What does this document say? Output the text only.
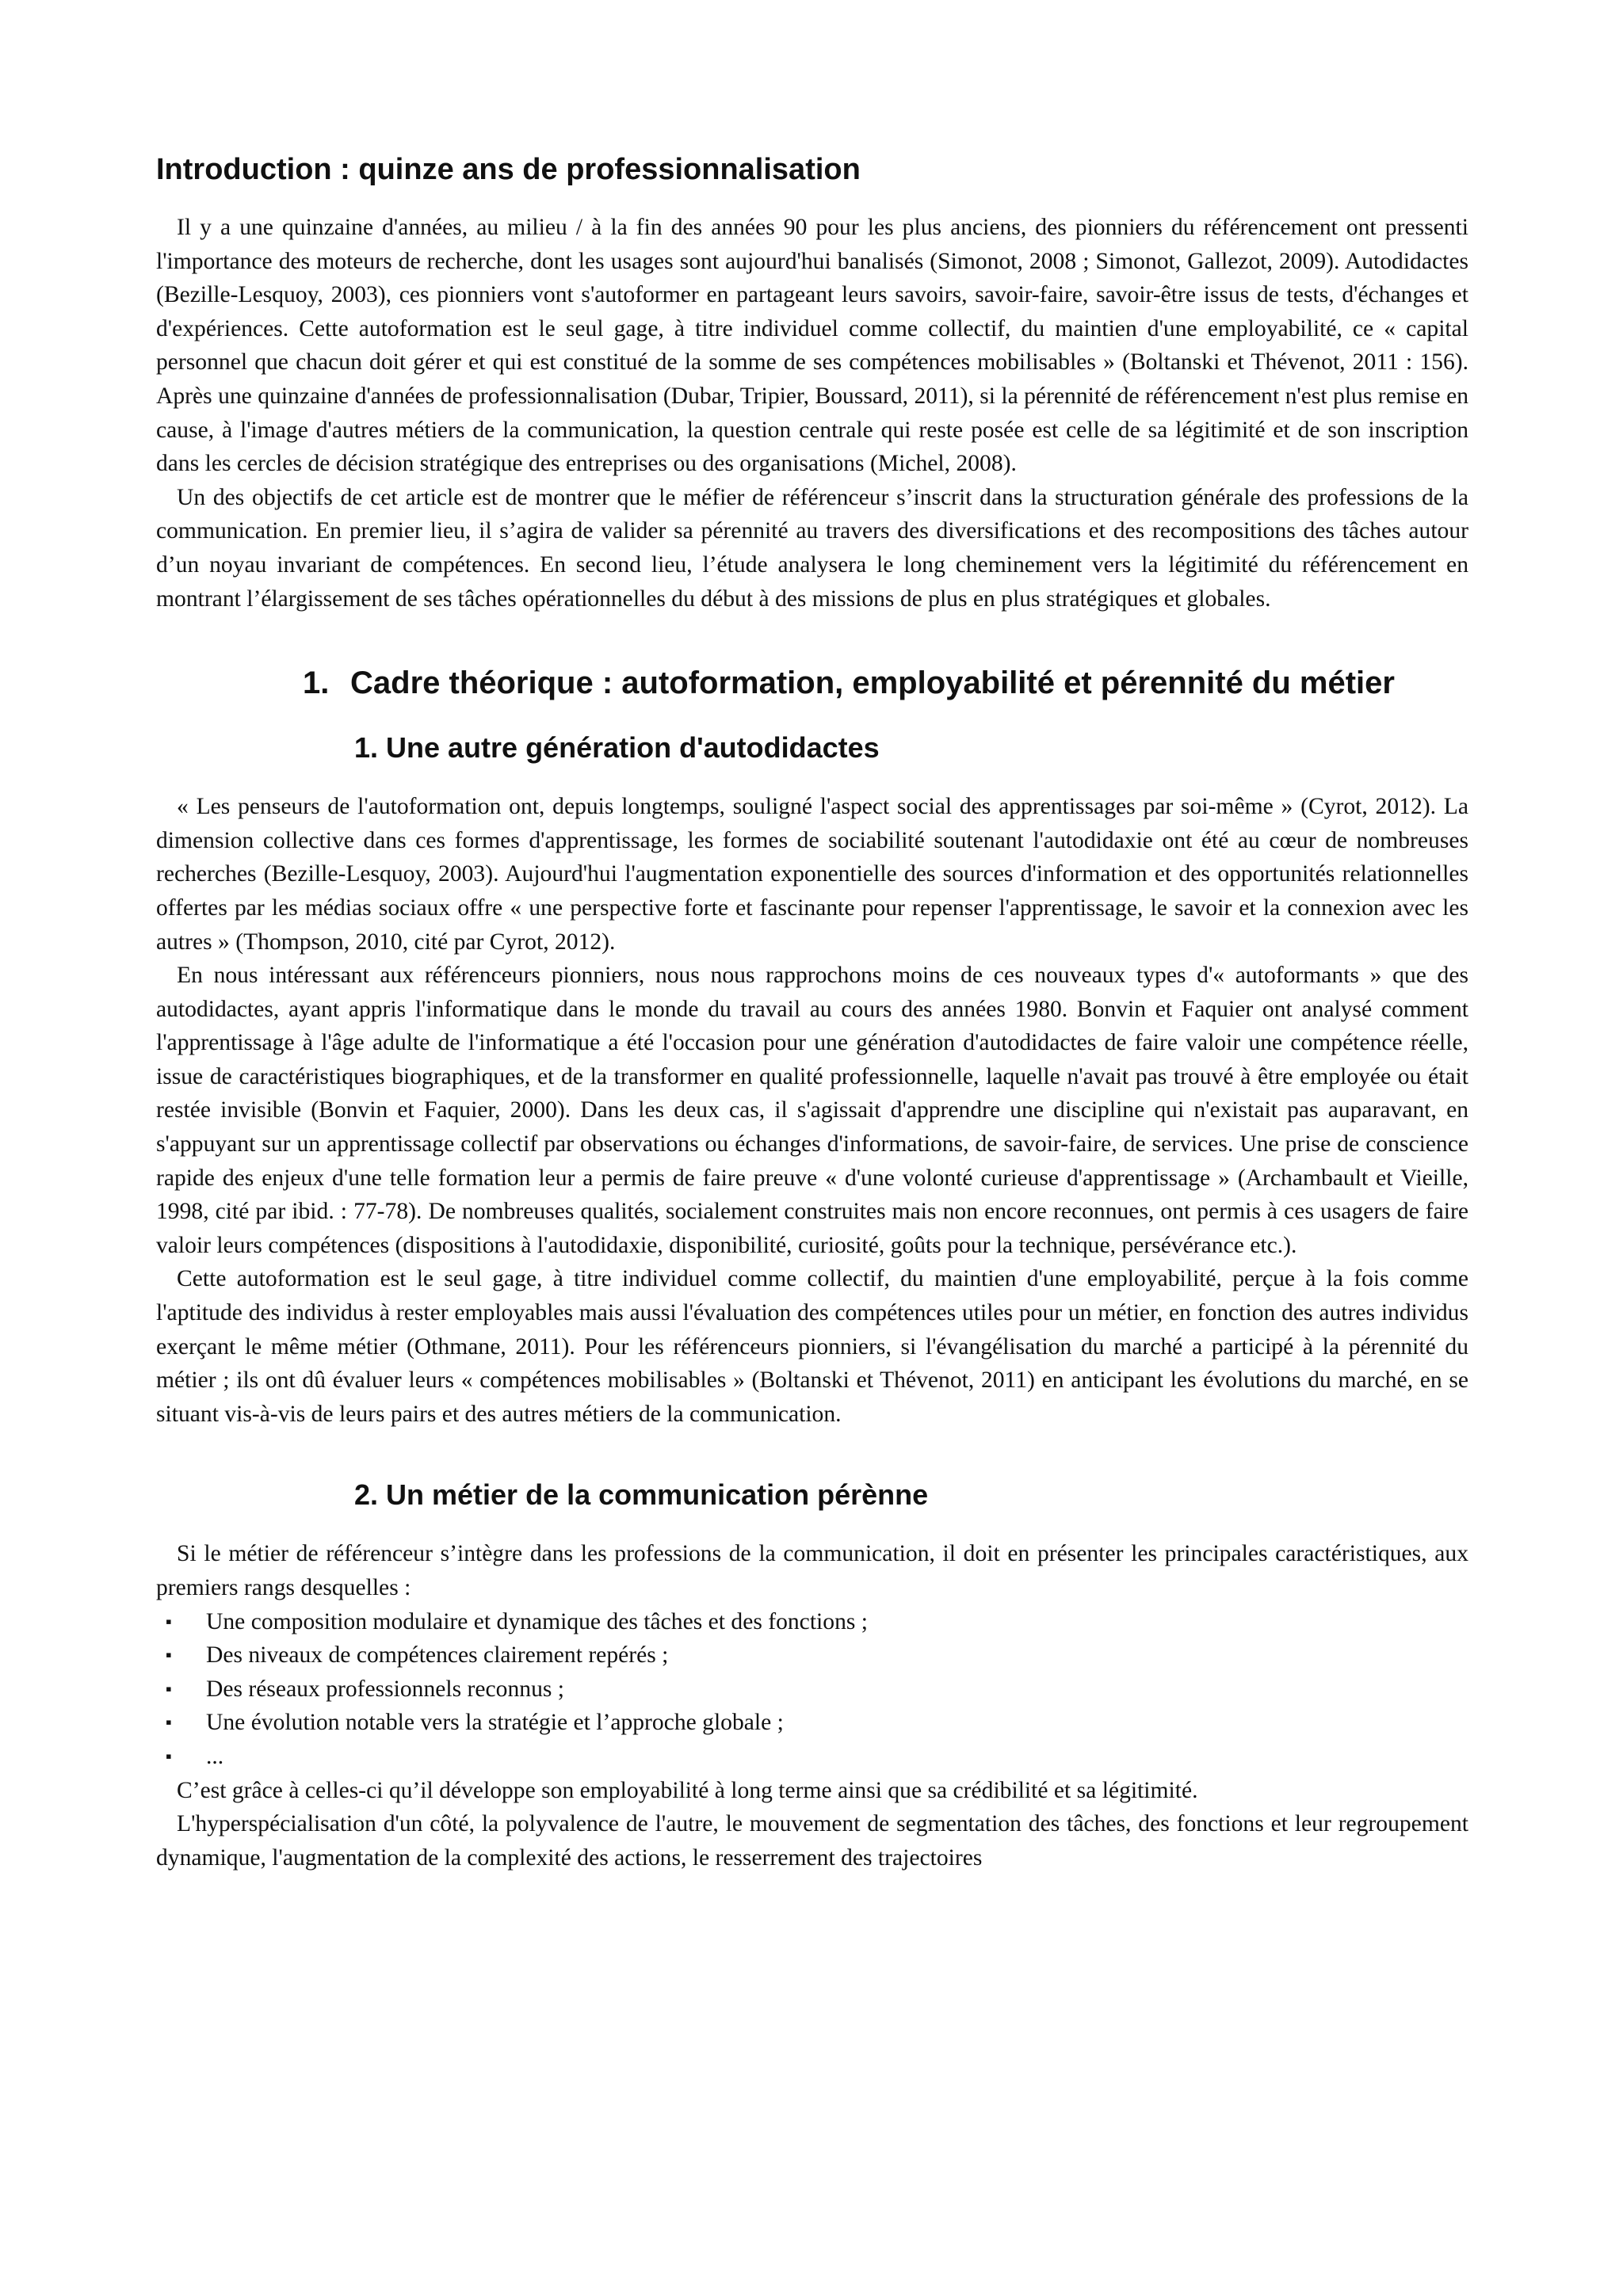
Introduction : quinze ans de professionnalisation

Il y a une quinzaine d'années, au milieu / à la fin des années 90 pour les plus anciens, des pionniers du référencement ont pressenti l'importance des moteurs de recherche, dont les usages sont aujourd'hui banalisés (Simonot, 2008 ; Simonot, Gallezot, 2009). Autodidactes (Bezille-Lesquoy, 2003), ces pionniers vont s'autoformer en partageant leurs savoirs, savoir-faire, savoir-être issus de tests, d'échanges et d'expériences. Cette autoformation est le seul gage, à titre individuel comme collectif, du maintien d'une employabilité, ce « capital personnel que chacun doit gérer et qui est constitué de la somme de ses compétences mobilisables » (Boltanski et Thévenot, 2011 : 156). Après une quinzaine d'années de professionnalisation (Dubar, Tripier, Boussard, 2011), si la pérennité de référencement n'est plus remise en cause, à l'image d'autres métiers de la communication, la question centrale qui reste posée est celle de sa légitimité et de son inscription dans les cercles de décision stratégique des entreprises ou des organisations (Michel, 2008).

Un des objectifs de cet article est de montrer que le méfier de référenceur s’inscrit dans la structuration générale des professions de la communication. En premier lieu, il s’agira de valider sa pérennité au travers des diversifications et des recompositions des tâches autour d’un noyau invariant de compétences. En second lieu, l’étude analysera le long cheminement vers la légitimité du référencement en montrant l’élargissement de ses tâches opérationnelles du début à des missions de plus en plus stratégiques et globales.

1. Cadre théorique : autoformation, employabilité et pérennité du métier
1. Une autre génération d'autodidactes

« Les penseurs de l'autoformation ont, depuis longtemps, souligné l'aspect social des apprentissages par soi-même » (Cyrot, 2012). La dimension collective dans ces formes d'apprentissage, les formes de sociabilité soutenant l'autodidaxie ont été au cœur de nombreuses recherches (Bezille-Lesquoy, 2003). Aujourd'hui l'augmentation exponentielle des sources d'information et des opportunités relationnelles offertes par les médias sociaux offre « une perspective forte et fascinante pour repenser l'apprentissage, le savoir et la connexion avec les autres » (Thompson, 2010, cité par Cyrot, 2012).

En nous intéressant aux référenceurs pionniers, nous nous rapprochons moins de ces nouveaux types d'« autoformants » que des autodidactes, ayant appris l'informatique dans le monde du travail au cours des années 1980. Bonvin et Faquier ont analysé comment l'apprentissage à l'âge adulte de l'informatique a été l'occasion pour une génération d'autodidactes de faire valoir une compétence réelle, issue de caractéristiques biographiques, et de la transformer en qualité professionnelle, laquelle n'avait pas trouvé à être employée ou était restée invisible (Bonvin et Faquier, 2000). Dans les deux cas, il s'agissait d'apprendre une discipline qui n'existait pas auparavant, en s'appuyant sur un apprentissage collectif par observations ou échanges d'informations, de savoir-faire, de services. Une prise de conscience rapide des enjeux d'une telle formation leur a permis de faire preuve « d'une volonté curieuse d'apprentissage » (Archambault et Vieille, 1998, cité par ibid. : 77-78). De nombreuses qualités, socialement construites mais non encore reconnues, ont permis à ces usagers de faire valoir leurs compétences (dispositions à l'autodidaxie, disponibilité, curiosité, goûts pour la technique, persévérance etc.).

Cette autoformation est le seul gage, à titre individuel comme collectif, du maintien d'une employabilité, perçue à la fois comme l'aptitude des individus à rester employables mais aussi l'évaluation des compétences utiles pour un métier, en fonction des autres individus exerçant le même métier (Othmane, 2011). Pour les référenceurs pionniers, si l'évangélisation du marché a participé à la pérennité du métier ; ils ont dû évaluer leurs « compétences mobilisables » (Boltanski et Thévenot, 2011) en anticipant les évolutions du marché, en se situant vis-à-vis de leurs pairs et des autres métiers de la communication.

2. Un métier de la communication pérènne

Si le métier de référenceur s’intègre dans les professions de la communication, il doit en présenter les principales caractéristiques, aux premiers rangs desquelles :

▪ Une composition modulaire et dynamique des tâches et des fonctions ;
▪ Des niveaux de compétences clairement repérés ;
▪ Des réseaux professionnels reconnus ;
▪ Une évolution notable vers la stratégie et l’approche globale ;
▪ ...

C’est grâce à celles-ci qu’il développe son employabilité à long terme ainsi que sa crédibilité et sa légitimité.

L'hyperspécialisation d'un côté, la polyvalence de l'autre, le mouvement de segmentation des tâches, des fonctions et leur regroupement dynamique, l'augmentation de la complexité des actions, le resserrement des trajectoires
